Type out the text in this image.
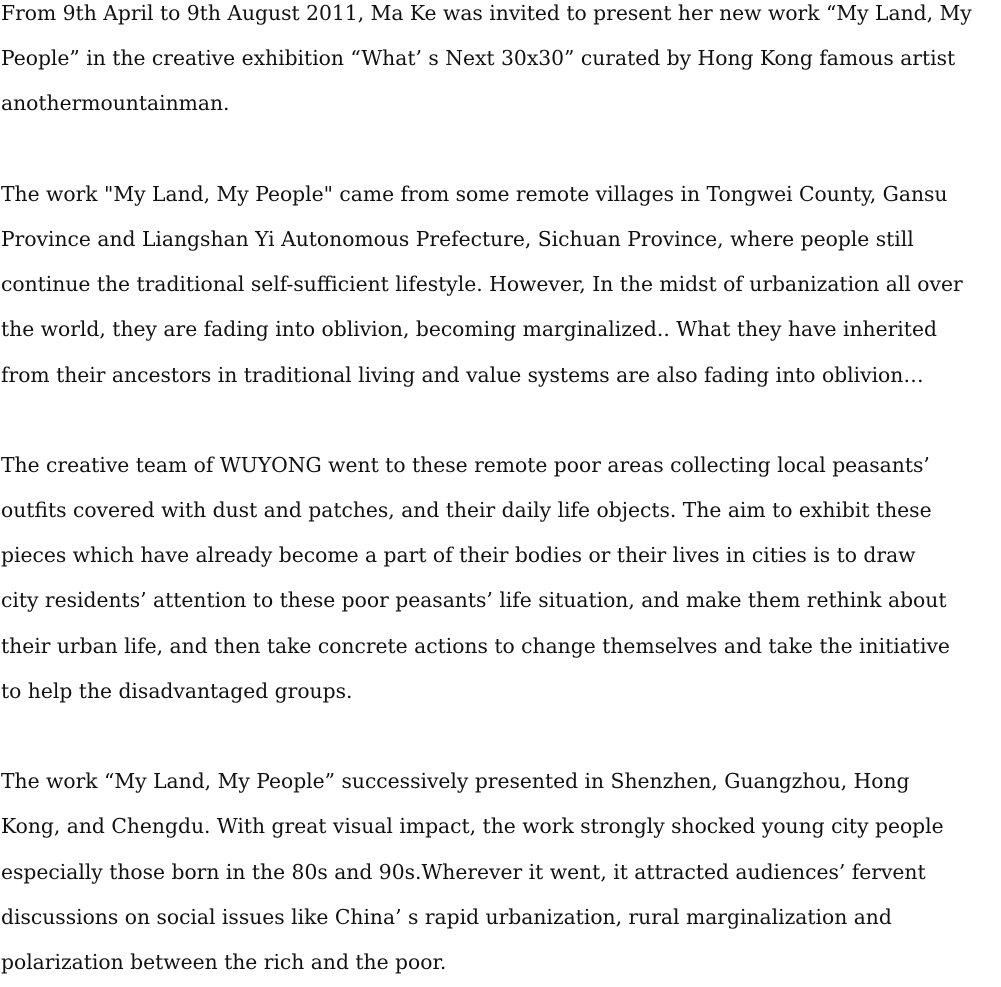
From 9th April to 9th August 2011, Ma Ke was invited to present her new work “My Land, My
People” in the creative exhibition “What’ s Next 30x30” curated by Hong Kong famous artist
anothermountainman.
The work "My Land, My People" came from some remote villages in Tongwei County, Gansu
Province and Liangshan Yi Autonomous Prefecture, Sichuan Province, where people still
continue the traditional self-sufficient lifestyle. However, In the midst of urbanization all over
the world, they are fading into oblivion, becoming marginalized.. What they have inherited
from their ancestors in traditional living and value systems are also fading into oblivion…
The creative team of WUYONG went to these remote poor areas collecting local peasants’
outfits covered with dust and patches, and their daily life objects. The aim to exhibit these
pieces which have already become a part of their bodies or their lives in cities is to draw
city residents’ attention to these poor peasants’ life situation, and make them rethink about
their urban life, and then take concrete actions to change themselves and take the initiative
to help the disadvantaged groups.
The work “My Land, My People” successively presented in Shenzhen, Guangzhou, Hong
Kong, and Chengdu. With great visual impact, the work strongly shocked young city people
especially those born in the 80s and 90s.Wherever it went, it attracted audiences’ fervent
discussions on social issues like China’ s rapid urbanization, rural marginalization and
polarization between the rich and the poor.
